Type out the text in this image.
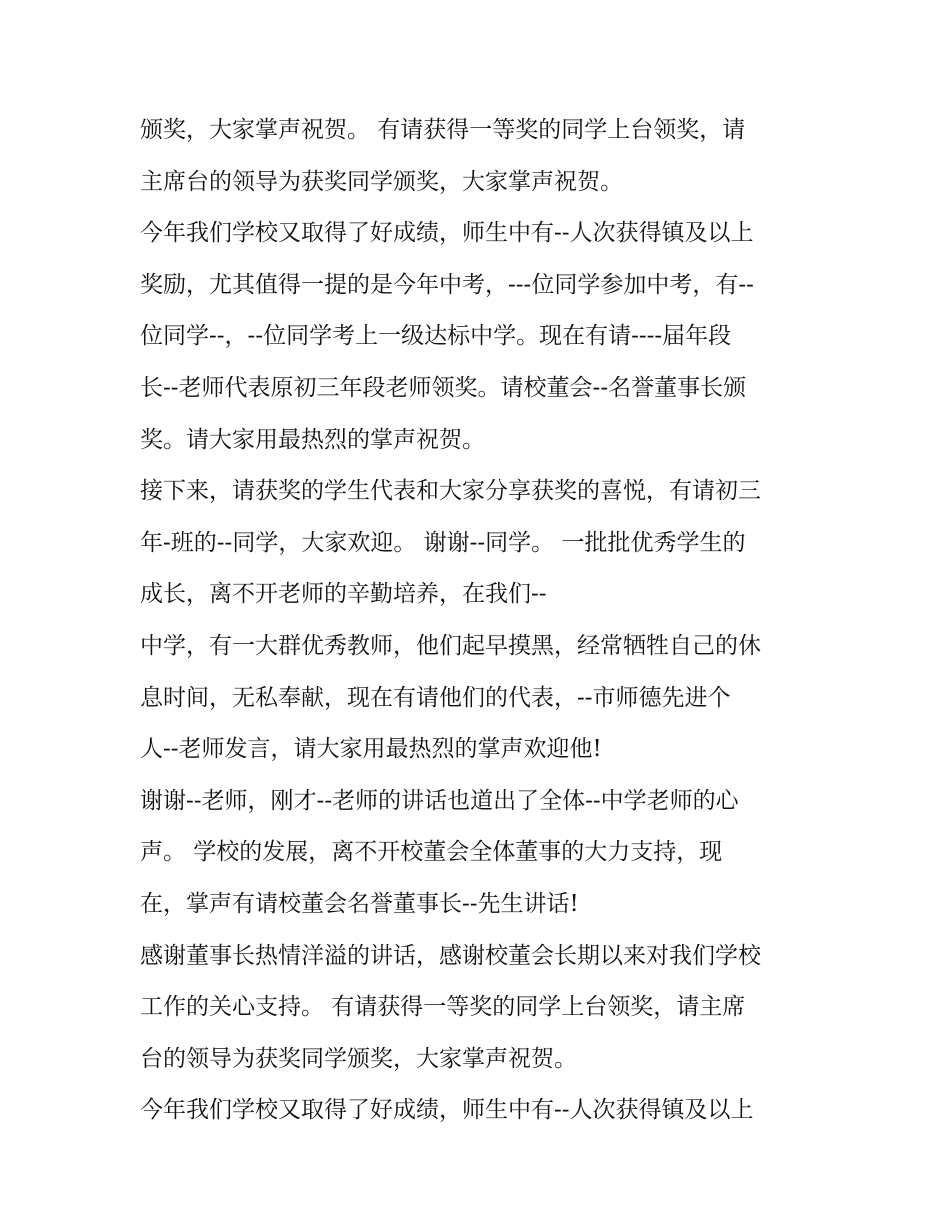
颁奖，大家掌声祝贺。 有请获得一等奖的同学上台领奖，请
主席台的领导为获奖同学颁奖，大家掌声祝贺。
今年我们学校又取得了好成绩，师生中有--人次获得镇及以上
奖励，尤其值得一提的是今年中考，---位同学参加中考，有--
位同学--，--位同学考上一级达标中学。现在有请----届年段
长--老师代表原初三年段老师领奖。请校董会--名誉董事长颁
奖。请大家用最热烈的掌声祝贺。
接下来，请获奖的学生代表和大家分享获奖的喜悦，有请初三
年-班的--同学，大家欢迎。 谢谢--同学。 一批批优秀学生的
成长，离不开老师的辛勤培养，在我们--
中学，有一大群优秀教师，他们起早摸黑，经常牺牲自己的休
息时间，无私奉献，现在有请他们的代表，--市师德先进个
人--老师发言，请大家用最热烈的掌声欢迎他!
谢谢--老师，刚才--老师的讲话也道出了全体--中学老师的心
声。 学校的发展，离不开校董会全体董事的大力支持，现
在，掌声有请校董会名誉董事长--先生讲话!
感谢董事长热情洋溢的讲话，感谢校董会长期以来对我们学校
工作的关心支持。 有请获得一等奖的同学上台领奖，请主席
台的领导为获奖同学颁奖，大家掌声祝贺。
今年我们学校又取得了好成绩，师生中有--人次获得镇及以上
